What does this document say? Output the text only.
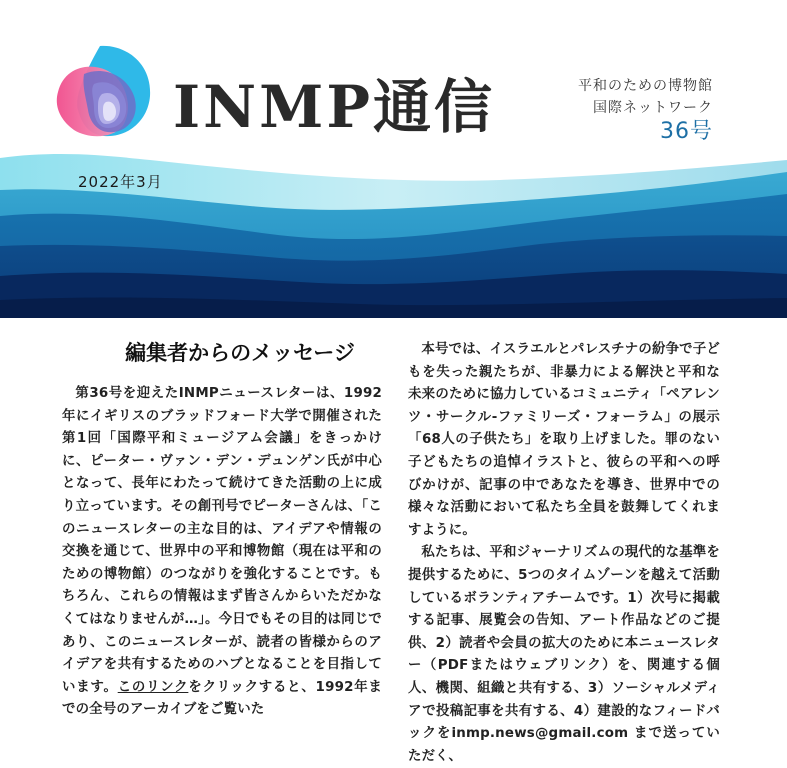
INMP通信	平和のための博物館
国際ネットワーク
36号
2022年3月
編集者からのメッセージ

第36号を迎えたINMPニュースレターは、1992年にイギリスのブラッドフォード大学で開催された第1回「国際平和ミュージアム会議」をきっかけに、ピーター・ヴァン・デン・デュンゲン氏が中心となって、長年にわたって続けてきた活動の上に成り立っています。その創刊号でピーターさんは、「このニュースレターの主な目的は、アイデアや情報の交換を通じて、世界中の平和博物館（現在は平和のための博物館）のつながりを強化することです。もちろん、これらの情報はまず皆さんからいただかなくてはなりませんが…」。今日でもその目的は同じであり、このニュースレターが、読者の皆様からのアイデアを共有するためのハブとなることを目指しています。このリンクをクリックすると、1992年までの全号のアーカイブをご覧いた

本号では、イスラエルとパレスチナの紛争で子どもを失った親たちが、非暴力による解決と平和な未来のために協力しているコミュニティ「ペアレンツ・サークル-ファミリーズ・フォーラム」の展示「68人の子供たち」を取り上げました。罪のない子どもたちの追悼イラストと、彼らの平和への呼びかけが、記事の中であなたを導き、世界中での様々な活動において私たち全員を鼓舞してくれますように。

私たちは、平和ジャーナリズムの現代的な基準を提供するために、5つのタイムゾーンを越えて活動しているボランティアチームです。1）次号に掲載する記事、展覧会の告知、アート作品などのご提供、2）読者や会員の拡大のために本ニュースレター（PDFまたはウェブリンク）を、関連する個人、機関、組織と共有する、3）ソーシャルメディアで投稿記事を共有する、4）建設的なフィードバックをinmp.news@gmail.com まで送っていただく、
